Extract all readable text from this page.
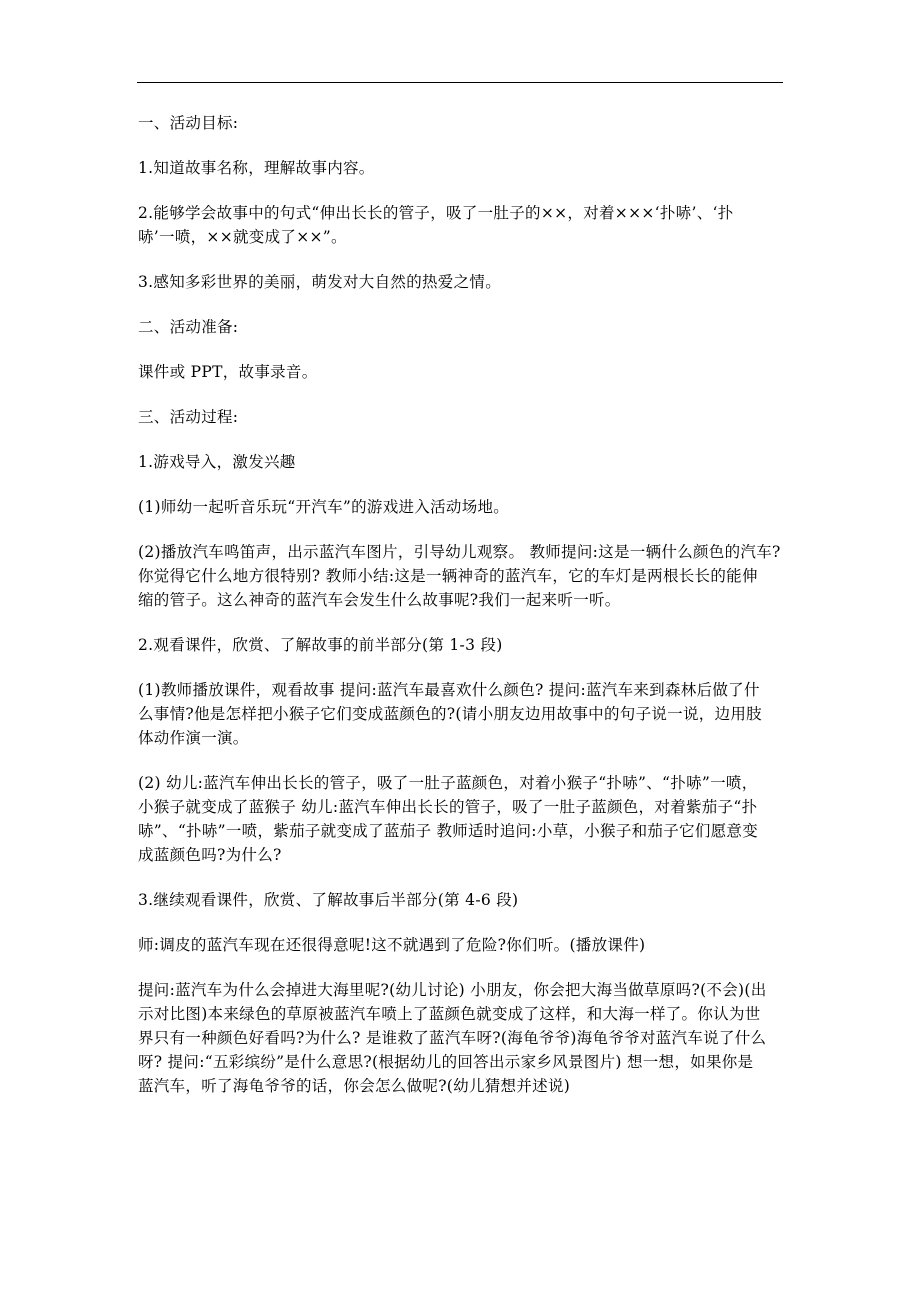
一、活动目标:

1.知道故事名称，理解故事内容。

2.能够学会故事中的句式“伸出长长的管子，吸了一肚子的××，对着×××‘扑哧’、‘扑
哧’一喷，××就变成了××”。

3.感知多彩世界的美丽，萌发对大自然的热爱之情。

二、活动准备:

课件或 PPT，故事录音。

三、活动过程:

1.游戏导入，激发兴趣

(1)师幼一起听音乐玩“开汽车”的游戏进入活动场地。

(2)播放汽车鸣笛声，出示蓝汽车图片，引导幼儿观察。 教师提问:这是一辆什么颜色的汽车?
你觉得它什么地方很特别? 教师小结:这是一辆神奇的蓝汽车，它的车灯是两根长长的能伸
缩的管子。这么神奇的蓝汽车会发生什么故事呢?我们一起来听一听。

2.观看课件，欣赏、了解故事的前半部分(第 1-3 段)

(1)教师播放课件，观看故事 提问:蓝汽车最喜欢什么颜色? 提问:蓝汽车来到森林后做了什
么事情?他是怎样把小猴子它们变成蓝颜色的?(请小朋友边用故事中的句子说一说，边用肢
体动作演一演。

(2) 幼儿:蓝汽车伸出长长的管子，吸了一肚子蓝颜色，对着小猴子“扑哧”、“扑哧”一喷，
小猴子就变成了蓝猴子 幼儿:蓝汽车伸出长长的管子，吸了一肚子蓝颜色，对着紫茄子“扑
哧”、“扑哧”一喷，紫茄子就变成了蓝茄子 教师适时追问:小草，小猴子和茄子它们愿意变
成蓝颜色吗?为什么?

3.继续观看课件，欣赏、了解故事后半部分(第 4-6 段)

师:调皮的蓝汽车现在还很得意呢!这不就遇到了危险?你们听。(播放课件)

提问:蓝汽车为什么会掉进大海里呢?(幼儿讨论) 小朋友，你会把大海当做草原吗?(不会)(出
示对比图)本来绿色的草原被蓝汽车喷上了蓝颜色就变成了这样，和大海一样了。你认为世
界只有一种颜色好看吗?为什么? 是谁救了蓝汽车呀?(海龟爷爷)海龟爷爷对蓝汽车说了什么
呀? 提问:“五彩缤纷”是什么意思?(根据幼儿的回答出示家乡风景图片) 想一想，如果你是
蓝汽车，听了海龟爷爷的话，你会怎么做呢?(幼儿猜想并述说)
